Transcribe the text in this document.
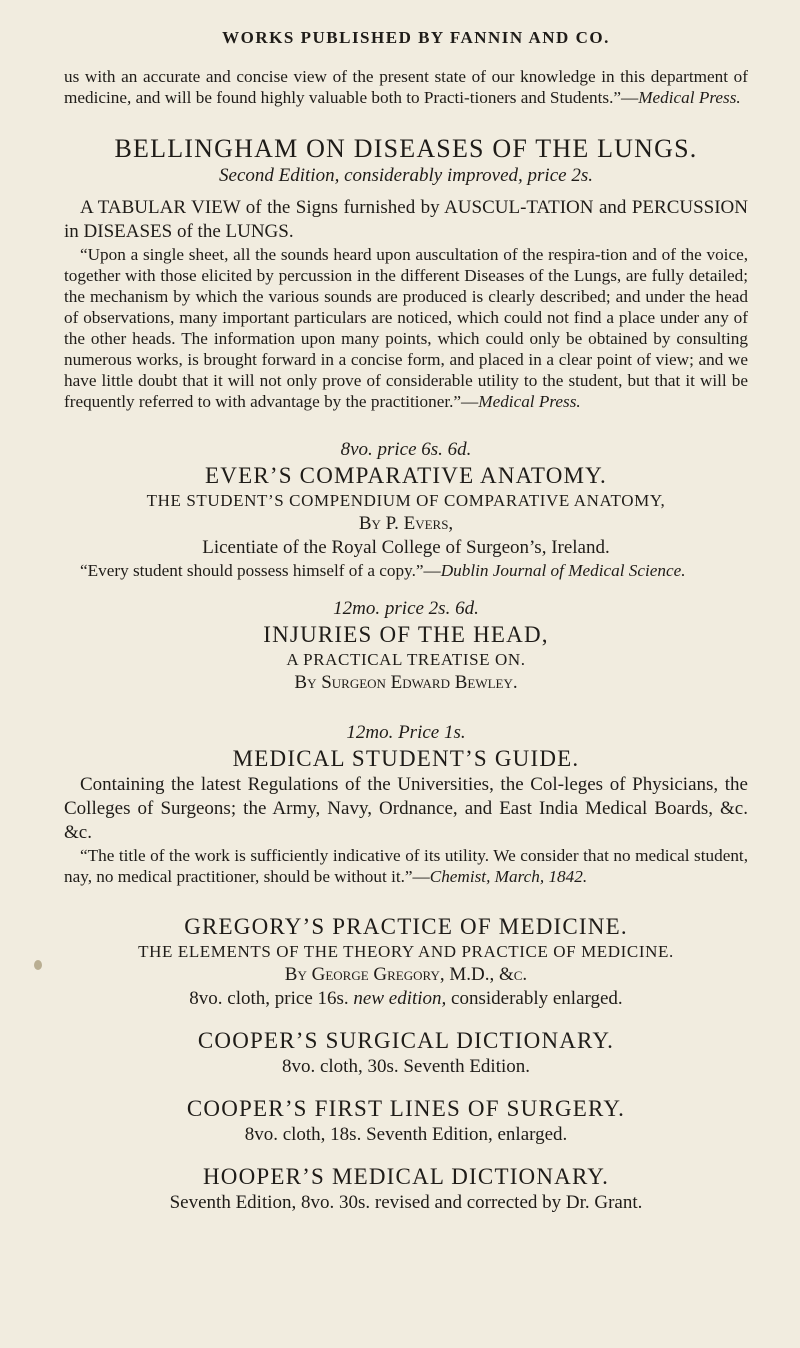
WORKS PUBLISHED BY FANNIN AND CO.

us with an accurate and concise view of the present state of our knowledge in this department of medicine, and will be found highly valuable both to Practi-tioners and Students.”—Medical Press.

BELLINGHAM ON DISEASES OF THE LUNGS.
Second Edition, considerably improved, price 2s.

A TABULAR VIEW of the Signs furnished by AUSCUL-TATION and PERCUSSION in DISEASES of the LUNGS.

“Upon a single sheet, all the sounds heard upon auscultation of the respira-tion and of the voice, together with those elicited by percussion in the different Diseases of the Lungs, are fully detailed; the mechanism by which the various sounds are produced is clearly described; and under the head of observations, many important particulars are noticed, which could not find a place under any of the other heads. The information upon many points, which could only be obtained by consulting numerous works, is brought forward in a concise form, and placed in a clear point of view; and we have little doubt that it will not only prove of considerable utility to the student, but that it will be frequently referred to with advantage by the practitioner.”—Medical Press.

8vo. price 6s. 6d.
EVER’S COMPARATIVE ANATOMY.
THE STUDENT’S COMPENDIUM OF COMPARATIVE ANATOMY,
By P. Evers,
Licentiate of the Royal College of Surgeon’s, Ireland.

“Every student should possess himself of a copy.”—Dublin Journal of Medical Science.

12mo. price 2s. 6d.
INJURIES OF THE HEAD,
A PRACTICAL TREATISE ON.
By Surgeon Edward Bewley.
12mo. Price 1s.
MEDICAL STUDENT’S GUIDE.

Containing the latest Regulations of the Universities, the Col-leges of Physicians, the Colleges of Surgeons; the Army, Navy, Ordnance, and East India Medical Boards, &c. &c.

“The title of the work is sufficiently indicative of its utility. We consider that no medical student, nay, no medical practitioner, should be without it.”—Chemist, March, 1842.

GREGORY’S PRACTICE OF MEDICINE.
THE ELEMENTS OF THE THEORY AND PRACTICE OF MEDICINE.
By George Gregory, M.D., &c.
8vo. cloth, price 16s. new edition, considerably enlarged.
COOPER’S SURGICAL DICTIONARY.
8vo. cloth, 30s. Seventh Edition.
COOPER’S FIRST LINES OF SURGERY.
8vo. cloth, 18s. Seventh Edition, enlarged.
HOOPER’S MEDICAL DICTIONARY.
Seventh Edition, 8vo. 30s. revised and corrected by Dr. Grant.
